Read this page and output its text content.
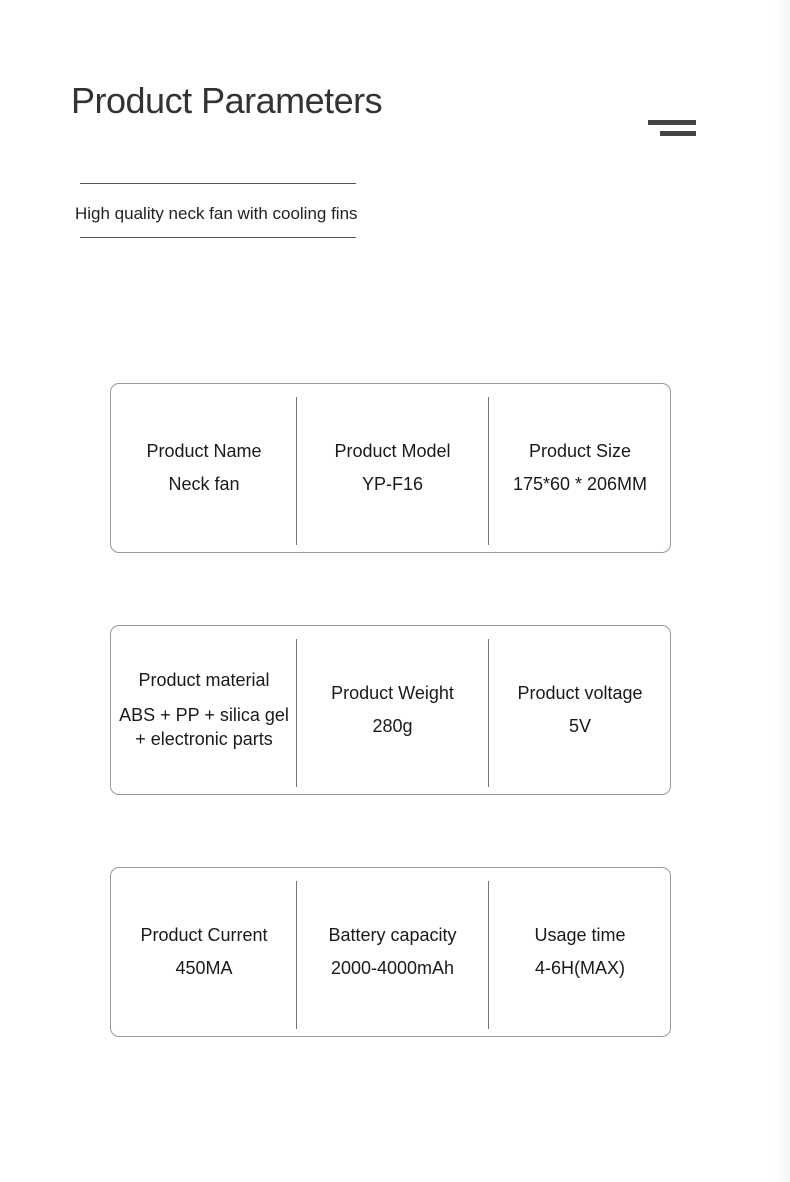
Product Parameters
High quality neck fan with cooling fins
Product Name
Neck fan
Product Model
YP-F16
Product Size
175*60 * 206MM
Product material
ABS + PP + silica gel + electronic parts
Product Weight
280g
Product voltage
5V
Product Current
450MA
Battery capacity
2000-4000mAh
Usage time
4-6H(MAX)
